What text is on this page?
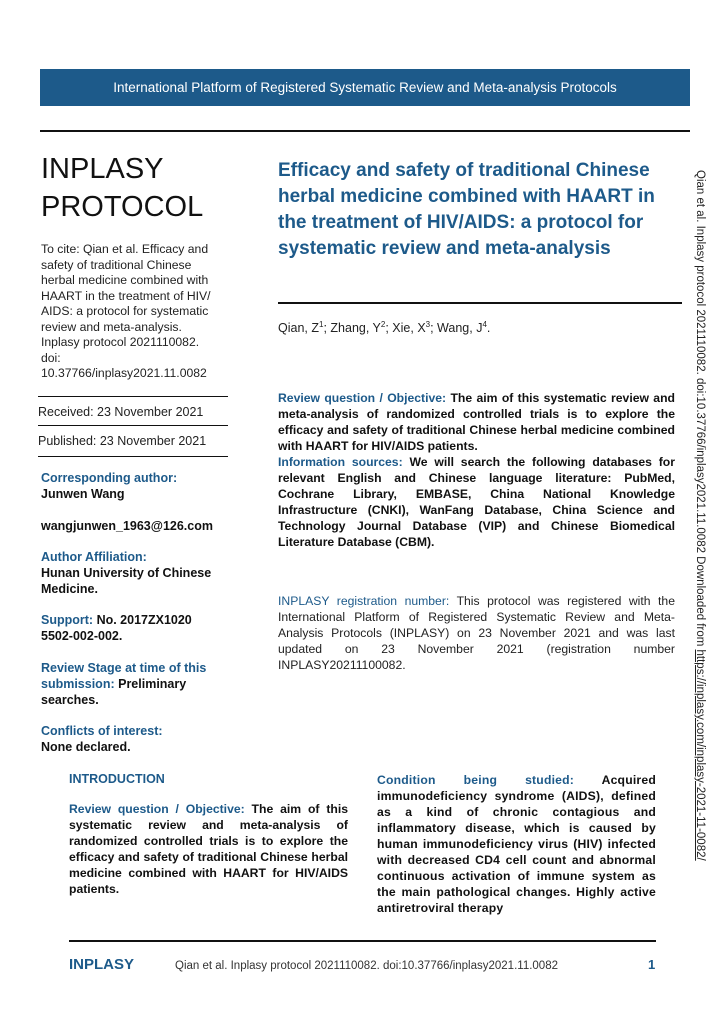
International Platform of Registered Systematic Review and Meta-analysis Protocols
INPLASY
PROTOCOL
To cite: Qian et al. Efficacy and safety of traditional Chinese herbal medicine combined with HAART in the treatment of HIV/ AIDS: a protocol for systematic review and meta-analysis. Inplasy protocol 2021110082. doi: 10.37766/inplasy2021.11.0082
Received: 23 November 2021
Published: 23 November 2021
Corresponding author:
Junwen Wang
wangjunwen_1963@126.com
Author Affiliation:
Hunan University of Chinese Medicine.
Support: No. 2017ZX1020 5502-002-002.
Review Stage at time of this submission: Preliminary searches.
Conflicts of interest:
None declared.
Efficacy and safety of traditional Chinese herbal medicine combined with HAART in the treatment of HIV/AIDS: a protocol for systematic review and meta-analysis
Qian, $Z^1$; Zhang, $Y^2$; Xie, $X^3$; Wang, $J^4$.
Review question / Objective: The aim of this systematic review and meta-analysis of randomized controlled trials is to explore the efficacy and safety of traditional Chinese herbal medicine combined with HAART for HIV/AIDS patients.
Information sources: We will search the following databases for relevant English and Chinese language literature: PubMed, Cochrane Library, EMBASE, China National Knowledge Infrastructure (CNKI), WanFang Database, China Science and Technology Journal Database (VIP) and Chinese Biomedical Literature Database (CBM).
INPLASY registration number: This protocol was registered with the International Platform of Registered Systematic Review and Meta-Analysis Protocols (INPLASY) on 23 November 2021 and was last updated on 23 November 2021 (registration number INPLASY20211100082.
INTRODUCTION
Review question / Objective: The aim of this systematic review and meta-analysis of randomized controlled trials is to explore the efficacy and safety of traditional Chinese herbal medicine combined with HAART for HIV/AIDS patients.
Condition being studied: Acquired immunodeficiency syndrome (AIDS), defined as a kind of chronic contagious and inflammatory disease, which is caused by human immunodeficiency virus (HIV) infected with decreased CD4 cell count and abnormal continuous activation of immune system as the main pathological changes. Highly active antiretroviral therapy
INPLASY	Qian et al. Inplasy protocol 2021110082. doi:10.37766/inplasy2021.11.0082	1
Qian et al. Inplasy protocol 2021110082. doi:10.37766/inplasy2021.11.0082 Downloaded from https://inplasy.com/inplasy-2021-11-0082/
